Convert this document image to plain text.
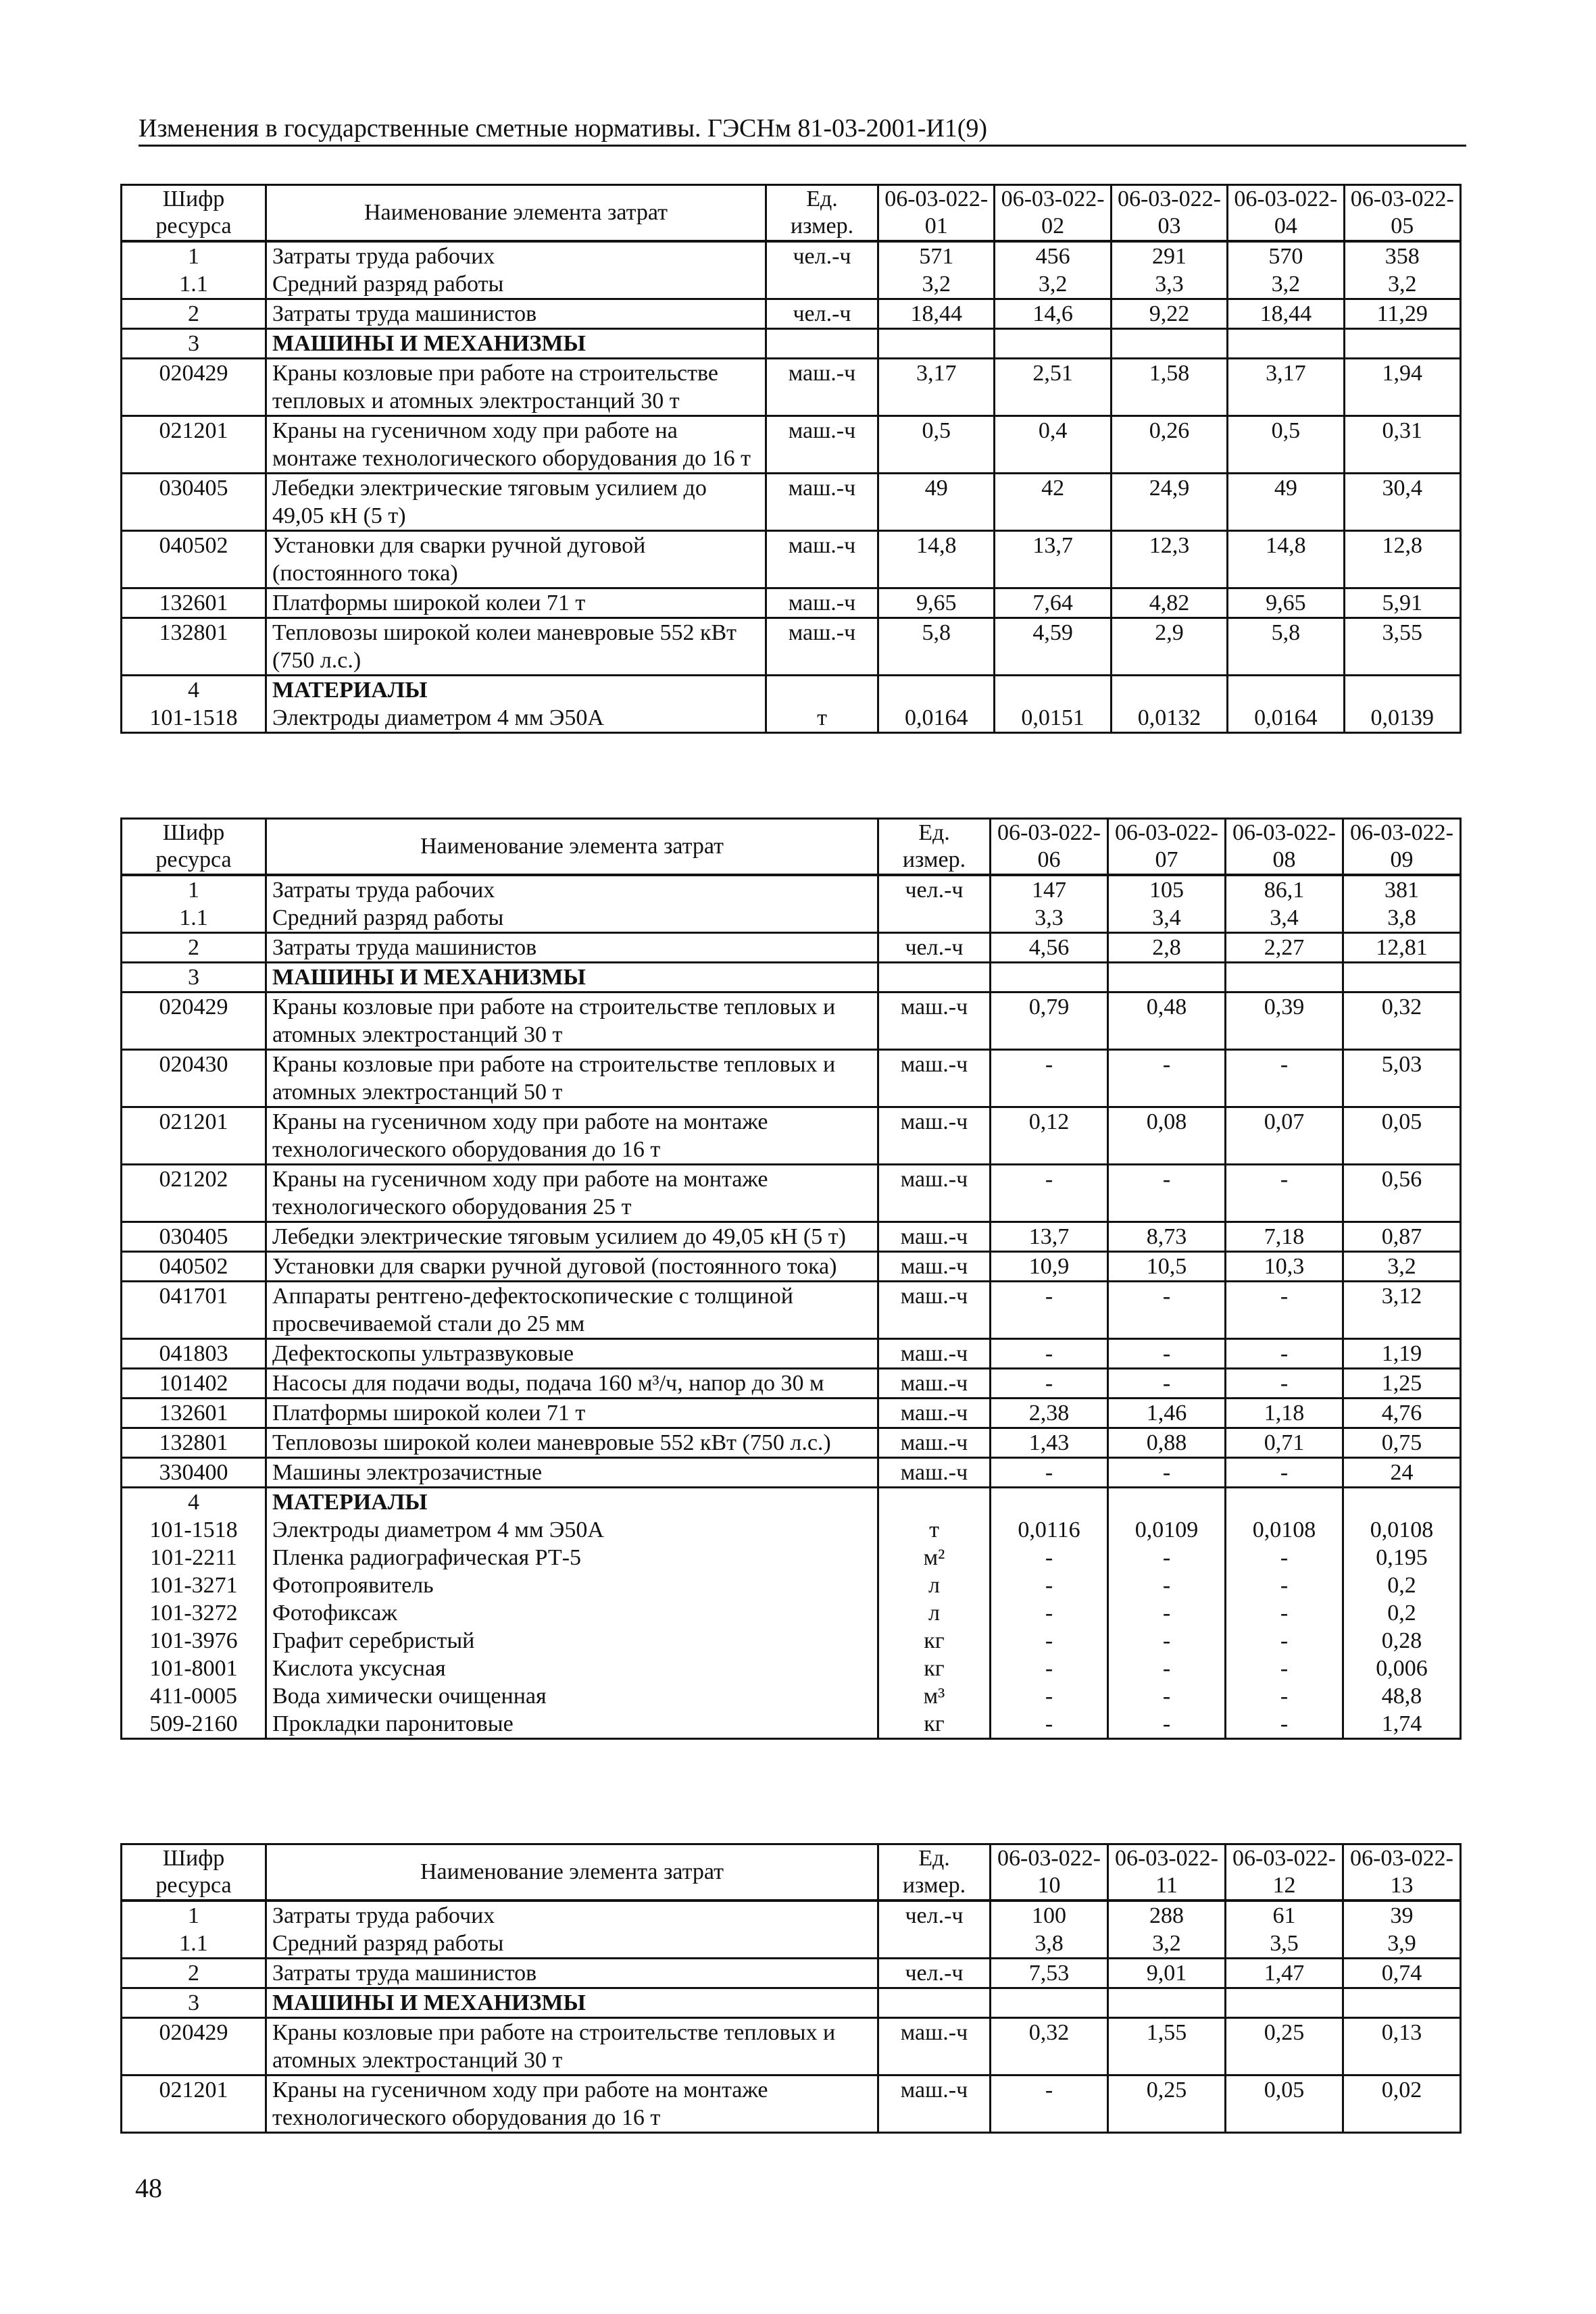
Изменения в государственные сметные нормативы. ГЭСНм 81-03-2001-И1(9)
Шифр ресурса	Наименование элемента затрат	Ед. измер.	06-03-022-01	06-03-022-02	06-03-022-03	06-03-022-04	06-03-022-05
1	Затраты труда рабочих	чел.-ч	571	456	291	570	358
1.1	Средний разряд работы		3,2	3,2	3,3	3,2	3,2
2	Затраты труда машинистов	чел.-ч	18,44	14,6	9,22	18,44	11,29
3	МАШИНЫ И МЕХАНИЗМЫ						
020429	Краны козловые при работе на строительстве тепловых и атомных электростанций 30 т	маш.-ч	3,17	2,51	1,58	3,17	1,94
021201	Краны на гусеничном ходу при работе на монтаже технологического оборудования до 16 т	маш.-ч	0,5	0,4	0,26	0,5	0,31
030405	Лебедки электрические тяговым усилием до 49,05 кН (5 т)	маш.-ч	49	42	24,9	49	30,4
040502	Установки для сварки ручной дуговой (постоянного тока)	маш.-ч	14,8	13,7	12,3	14,8	12,8
132601	Платформы широкой колеи 71 т	маш.-ч	9,65	7,64	4,82	9,65	5,91
132801	Тепловозы широкой колеи маневровые 552 кВт (750 л.с.)	маш.-ч	5,8	4,59	2,9	5,8	3,55
4	МАТЕРИАЛЫ						
101-1518	Электроды диаметром 4 мм Э50А	т	0,0164	0,0151	0,0132	0,0164	0,0139
Шифр ресурса	Наименование элемента затрат	Ед. измер.	06-03-022-06	06-03-022-07	06-03-022-08	06-03-022-09
1	Затраты труда рабочих	чел.-ч	147	105	86,1	381
1.1	Средний разряд работы		3,3	3,4	3,4	3,8
2	Затраты труда машинистов	чел.-ч	4,56	2,8	2,27	12,81
3	МАШИНЫ И МЕХАНИЗМЫ					
020429	Краны козловые при работе на строительстве тепловых и атомных электростанций 30 т	маш.-ч	0,79	0,48	0,39	0,32
020430	Краны козловые при работе на строительстве тепловых и атомных электростанций 50 т	маш.-ч	-	-	-	5,03
021201	Краны на гусеничном ходу при работе на монтаже технологического оборудования до 16 т	маш.-ч	0,12	0,08	0,07	0,05
021202	Краны на гусеничном ходу при работе на монтаже технологического оборудования 25 т	маш.-ч	-	-	-	0,56
030405	Лебедки электрические тяговым усилием до 49,05 кН (5 т)	маш.-ч	13,7	8,73	7,18	0,87
040502	Установки для сварки ручной дуговой (постоянного тока)	маш.-ч	10,9	10,5	10,3	3,2
041701	Аппараты рентгено-дефектоскопические с толщиной просвечиваемой стали до 25 мм	маш.-ч	-	-	-	3,12
041803	Дефектоскопы ультразвуковые	маш.-ч	-	-	-	1,19
101402	Насосы для подачи воды, подача 160 м³/ч, напор до 30 м	маш.-ч	-	-	-	1,25
132601	Платформы широкой колеи 71 т	маш.-ч	2,38	1,46	1,18	4,76
132801	Тепловозы широкой колеи маневровые 552 кВт (750 л.с.)	маш.-ч	1,43	0,88	0,71	0,75
330400	Машины электрозачистные	маш.-ч	-	-	-	24
4	МАТЕРИАЛЫ					
101-1518	Электроды диаметром 4 мм Э50А	т	0,0116	0,0109	0,0108	0,0108
101-2211	Пленка радиографическая РТ-5	м²	-	-	-	0,195
101-3271	Фотопроявитель	л	-	-	-	0,2
101-3272	Фотофиксаж	л	-	-	-	0,2
101-3976	Графит серебристый	кг	-	-	-	0,28
101-8001	Кислота уксусная	кг	-	-	-	0,006
411-0005	Вода химически очищенная	м³	-	-	-	48,8
509-2160	Прокладки паронитовые	кг	-	-	-	1,74
Шифр ресурса	Наименование элемента затрат	Ед. измер.	06-03-022-10	06-03-022-11	06-03-022-12	06-03-022-13
1	Затраты труда рабочих	чел.-ч	100	288	61	39
1.1	Средний разряд работы		3,8	3,2	3,5	3,9
2	Затраты труда машинистов	чел.-ч	7,53	9,01	1,47	0,74
3	МАШИНЫ И МЕХАНИЗМЫ					
020429	Краны козловые при работе на строительстве тепловых и атомных электростанций 30 т	маш.-ч	0,32	1,55	0,25	0,13
021201	Краны на гусеничном ходу при работе на монтаже технологического оборудования до 16 т	маш.-ч	-	0,25	0,05	0,02
48
